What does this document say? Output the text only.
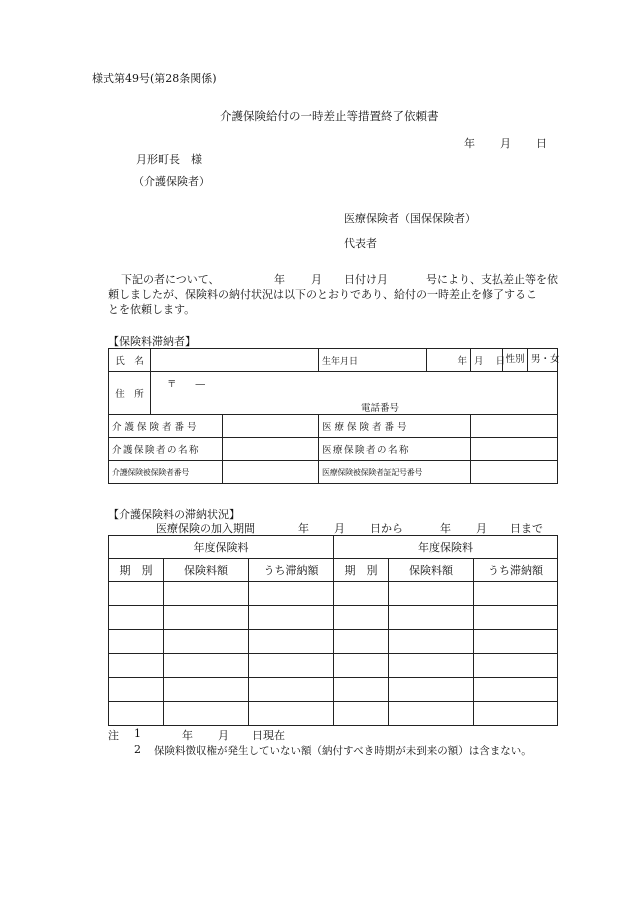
様式第49号(第28条関係)
介護保険給付の一時差止等措置終了依頼書
年 月 日
月形町長　様
（介護保険者）
医療保険者（国保保険者）
代表者
下記の者について、	年 月 日付け月	号により、支払差止等を依
頼しましたが、保険料の納付状況は以下のとおりであり、給付の一時差止を修了するこ
とを依頼します。
【保険料滞納者】
氏　名			生年月日	年	月 日	性別 男・女
住　所	〒　　―
電話番号					

介護保険者番号			医療保険者番号			
介護保険者の名称			医療保険者の名称			
介護保険被保険者番号			医療保険被保険者証記号番号			
【介護保険料の滞納状況】
医療保険の加入期間	年 月 日から	年 月 日まで
年度保険料			年度保険料		
期　別	保険料額	うち滞納額	期　別	保険料額	うち滞納額

注 1	年 月 日現在
2 保険料徴収権が発生していない額（納付すべき時期が未到来の額）は含まない。
